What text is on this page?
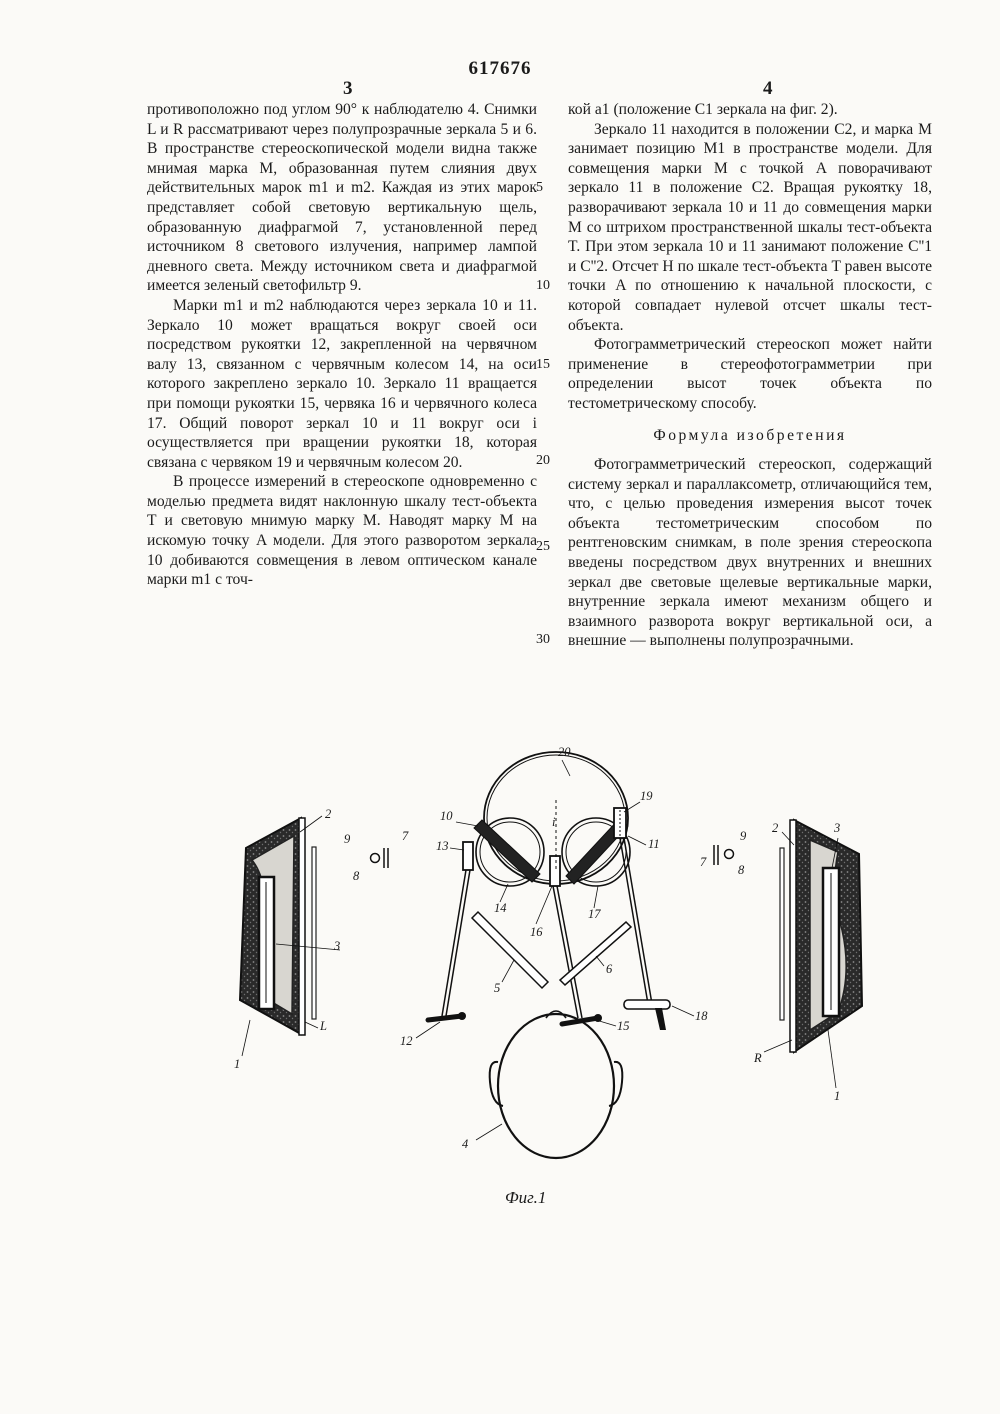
617676
3	4

противоположно под углом 90° к наблюдателю 4. Снимки L и R рассматривают через полупрозрачные зеркала 5 и 6. В пространстве стереоскопической модели видна также мнимая марка M, образованная путем слияния двух действительных марок m1 и m2. Каждая из этих марок представляет собой световую вертикальную щель, образованную диафрагмой 7, установленной перед источником 8 светового излучения, например лампой дневного света. Между источником света и диафрагмой имеется зеленый светофильтр 9.

Марки m1 и m2 наблюдаются через зеркала 10 и 11. Зеркало 10 может вращаться вокруг своей оси посредством рукоятки 12, закрепленной на червячном валу 13, связанном с червячным колесом 14, на оси которого закреплено зеркало 10. Зеркало 11 вращается при помощи рукоятки 15, червяка 16 и червячного колеса 17. Общий поворот зеркал 10 и 11 вокруг оси i осуществляется при вращении рукоятки 18, которая связана с червяком 19 и червячным колесом 20.

В процессе измерений в стереоскопе одновременно с моделью предмета видят наклонную шкалу тест-объекта T и световую мнимую марку M. Наводят марку M на искомую точку A модели. Для этого разворотом зеркала 10 добиваются совмещения в левом оптическом канале марки m1 с точ-

кой a1 (положение C1 зеркала на фиг. 2).

Зеркало 11 находится в положении C2, и марка M занимает позицию M1 в пространстве модели. Для совмещения марки M с точкой A поворачивают зеркало 11 в положение C2. Вращая рукоятку 18, разворачивают зеркала 10 и 11 до совмещения марки M со штрихом пространственной шкалы тест-объекта T. При этом зеркала 10 и 11 занимают положение C''1 и C''2. Отсчет H по шкале тест-объекта T равен высоте точки A по отношению к начальной плоскости, с которой совпадает нулевой отсчет шкалы тест-объекта.

Фотограмметрический стереоскоп может найти применение в стереофотограмметрии при определении высот точек объекта по тестометрическому способу.

Формула изобретения

Фотограмметрический стереоскоп, содержащий систему зеркал и параллаксометр, отличающийся тем, что, с целью проведения измерения высот точек объекта тестометрическим способом по рентгеновским снимкам, в поле зрения стереоскопа введены посредством двух внутренних и внешних зеркал две световые щелевые вертикальные марки, внутренние зеркала имеют механизм общего и взаимного разворота вокруг вертикальной оси, а внешние — выполнены полупрозрачными.

5
10
15
20
25
30
2
9	7
8
3
L
1
2	3
9
7
8
R
1
20
10
13
19
11
i
14
16
17
6
5
15
18
12
4
Фиг.1
